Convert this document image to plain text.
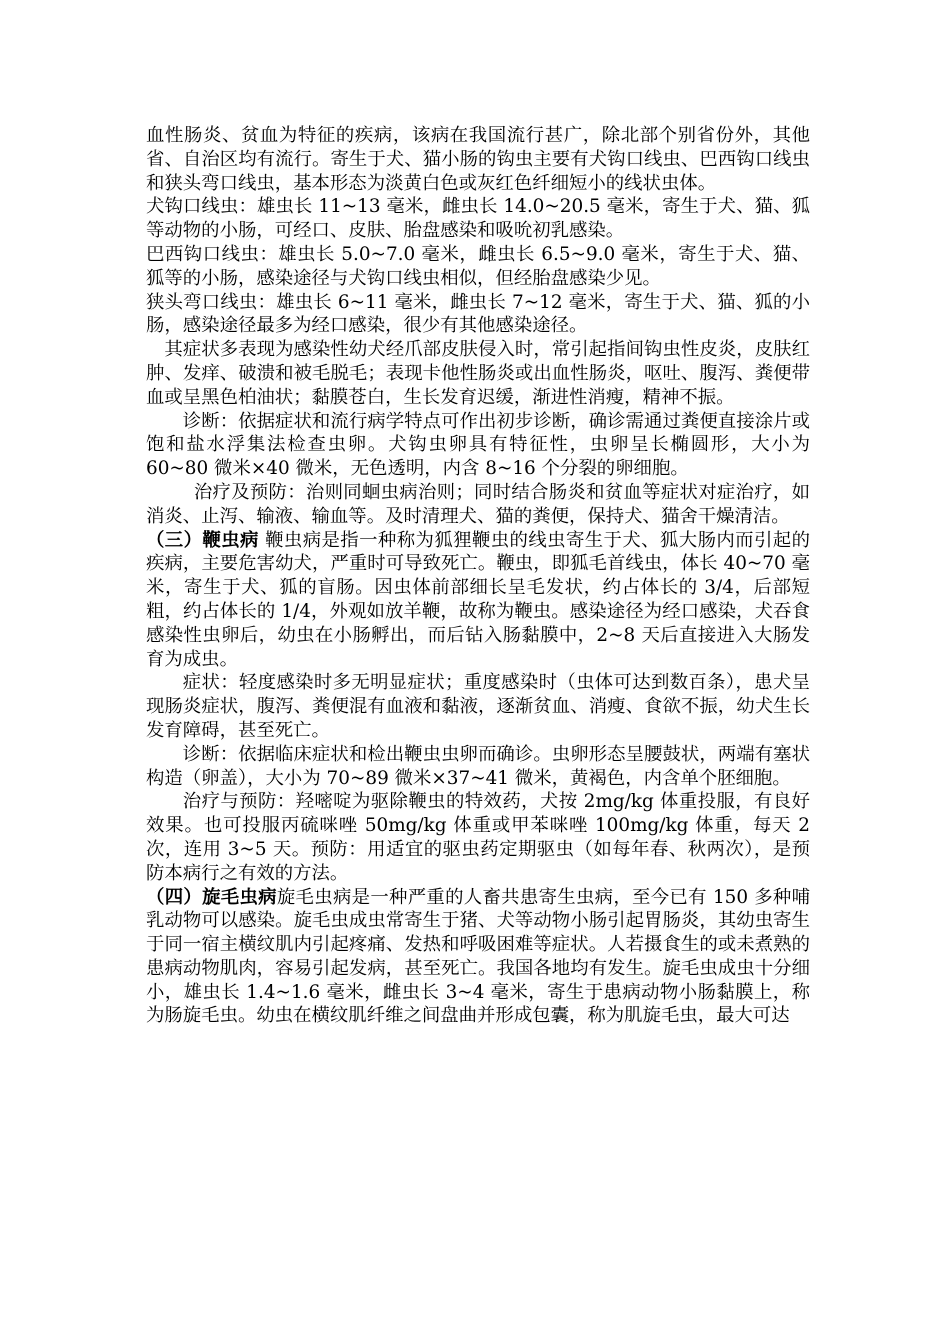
血性肠炎、贫血为特征的疾病，该病在我国流行甚广，除北部个别省份外，其他省、自治区均有流行。寄生于犬、猫小肠的钩虫主要有犬钩口线虫、巴西钩口线虫和狭头弯口线虫，基本形态为淡黄白色或灰红色纤细短小的线状虫体。

犬钩口线虫：雄虫长 11~13 毫米，雌虫长 14.0~20.5 毫米，寄生于犬、猫、狐等动物的小肠，可经口、皮肤、胎盘感染和吸吮初乳感染。

巴西钩口线虫：雄虫长 5.0~7.0 毫米，雌虫长 6.5~9.0 毫米，寄生于犬、猫、狐等的小肠，感染途径与犬钩口线虫相似，但经胎盘感染少见。

狭头弯口线虫：雄虫长 6~11 毫米，雌虫长 7~12 毫米，寄生于犬、猫、狐的小肠，感染途径最多为经口感染，很少有其他感染途径。

其症状多表现为感染性幼犬经爪部皮肤侵入时，常引起指间钩虫性皮炎，皮肤红肿、发痒、破溃和被毛脱毛；表现卡他性肠炎或出血性肠炎，呕吐、腹泻、粪便带血或呈黑色柏油状；黏膜苍白，生长发育迟缓，渐进性消瘦，精神不振。

诊断：依据症状和流行病学特点可作出初步诊断，确诊需通过粪便直接涂片或饱和盐水浮集法检查虫卵。犬钩虫卵具有特征性，虫卵呈长椭圆形，大小为 60~80 微米×40 微米，无色透明，内含 8~16 个分裂的卵细胞。

治疗及预防：治则同蛔虫病治则；同时结合肠炎和贫血等症状对症治疗，如消炎、止泻、输液、输血等。及时清理犬、猫的粪便，保持犬、猫舍干燥清洁。

（三）鞭虫病 鞭虫病是指一种称为狐狸鞭虫的线虫寄生于犬、狐大肠内而引起的疾病，主要危害幼犬，严重时可导致死亡。鞭虫，即狐毛首线虫，体长 40~70 毫米，寄生于犬、狐的盲肠。因虫体前部细长呈毛发状，约占体长的 3/4，后部短粗，约占体长的 1/4，外观如放羊鞭，故称为鞭虫。感染途径为经口感染，犬吞食感染性虫卵后，幼虫在小肠孵出，而后钻入肠黏膜中，2~8 天后直接进入大肠发育为成虫。

症状：轻度感染时多无明显症状；重度感染时（虫体可达到数百条），患犬呈现肠炎症状，腹泻、粪便混有血液和黏液，逐渐贫血、消瘦、食欲不振，幼犬生长发育障碍，甚至死亡。

诊断：依据临床症状和检出鞭虫虫卵而确诊。虫卵形态呈腰鼓状，两端有塞状构造（卵盖），大小为 70~89 微米×37~41 微米，黄褐色，内含单个胚细胞。

治疗与预防：羟嘧啶为驱除鞭虫的特效药，犬按 2mg/kg 体重投服，有良好效果。也可投服丙硫咪唑 50mg/kg 体重或甲苯咪唑 100mg/kg 体重，每天 2 次，连用 3~5 天。预防：用适宜的驱虫药定期驱虫（如每年春、秋两次），是预防本病行之有效的方法。

（四）旋毛虫病旋毛虫病是一种严重的人畜共患寄生虫病，至今已有 150 多种哺乳动物可以感染。旋毛虫成虫常寄生于猪、犬等动物小肠引起胃肠炎，其幼虫寄生于同一宿主横纹肌内引起疼痛、发热和呼吸困难等症状。人若摄食生的或未煮熟的患病动物肌肉，容易引起发病，甚至死亡。我国各地均有发生。旋毛虫成虫十分细小，雄虫长 1.4~1.6 毫米，雌虫长 3~4 毫米，寄生于患病动物小肠黏膜上，称为肠旋毛虫。幼虫在横纹肌纤维之间盘曲并形成包囊，称为肌旋毛虫，最大可达
